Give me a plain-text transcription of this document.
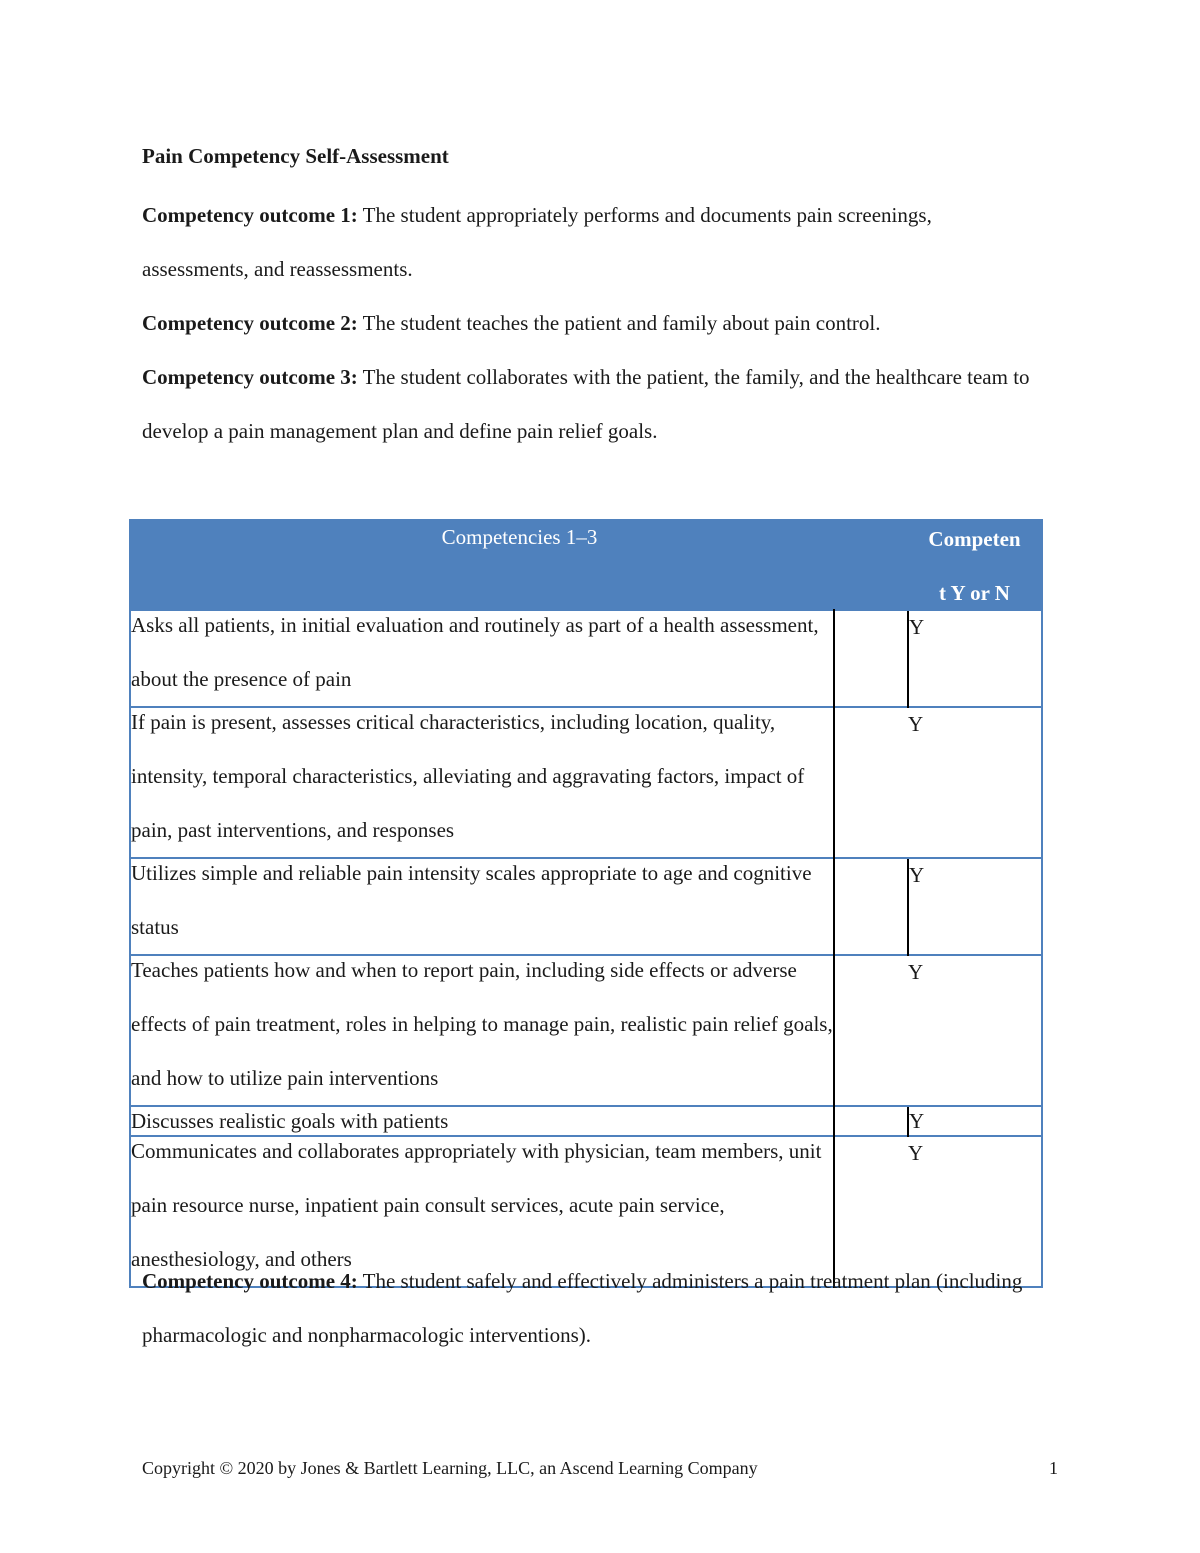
Pain Competency Self-Assessment

Competency outcome 1: The student appropriately performs and documents pain screenings, assessments, and reassessments.

Competency outcome 2: The student teaches the patient and family about pain control.

Competency outcome 3: The student collaborates with the patient, the family, and the healthcare team to develop a pain management plan and define pain relief goals.

Competencies 1–3		Competen
t Y or N

Asks all patients, in initial evaluation and routinely as part of a health assessment, about the presence of pain		Y

If pain is present, assesses critical characteristics, including location, quality, intensity, temporal characteristics, alleviating and aggravating factors, impact of pain, past interventions, and responses		Y

Utilizes simple and reliable pain intensity scales appropriate to age and cognitive status		Y

Teaches patients how and when to report pain, including side effects or adverse effects of pain treatment, roles in helping to manage pain, realistic pain relief goals, and how to utilize pain interventions		Y

Discusses realistic goals with patients		Y

Communicates and collaborates appropriately with physician, team members, unit pain resource nurse, inpatient pain consult services, acute pain service, anesthesiology, and others		Y

Competency outcome 4: The student safely and effectively administers a pain treatment plan (including pharmacologic and nonpharmacologic interventions).

Copyright © 2020 by Jones & Bartlett Learning, LLC, an Ascend Learning Company	1
